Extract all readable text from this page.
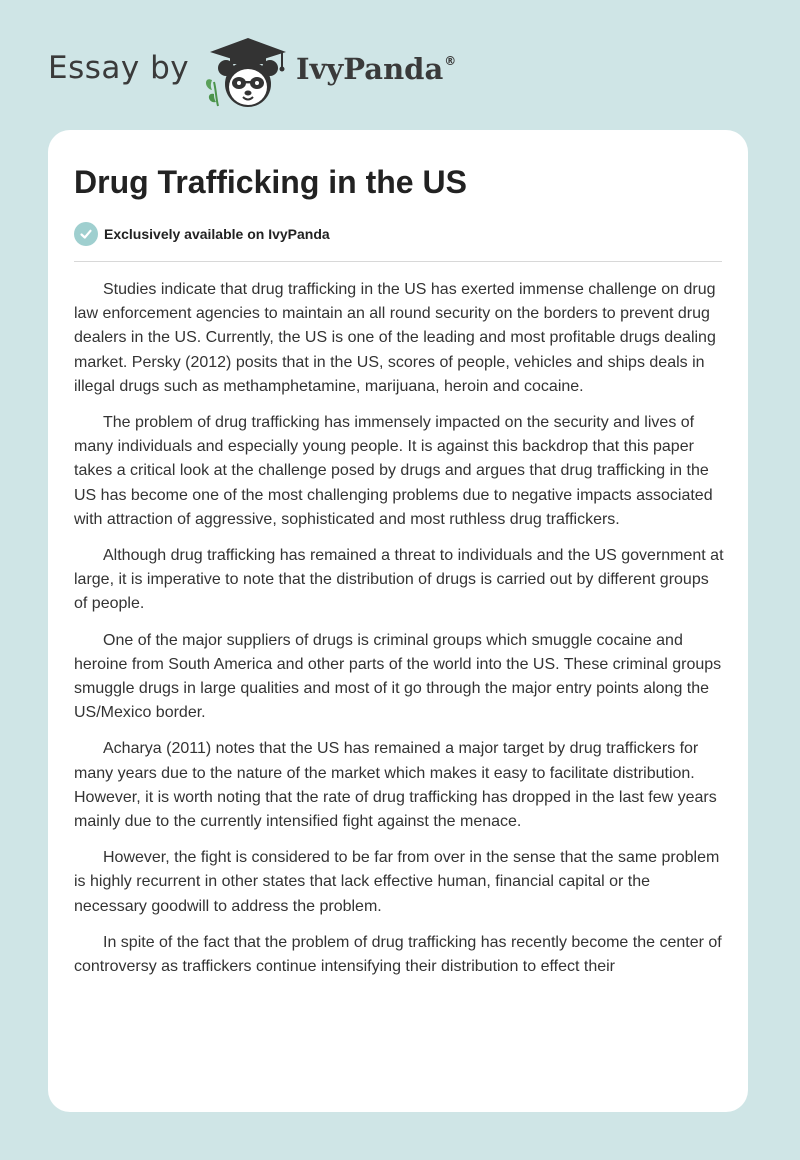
Essay by	IvyPanda®
Drug Trafficking in the US
Exclusively available on IvyPanda

Studies indicate that drug trafficking in the US has exerted immense challenge on drug law enforcement agencies to maintain an all round security on the borders to prevent drug dealers in the US. Currently, the US is one of the leading and most profitable drugs dealing market. Persky (2012) posits that in the US, scores of people, vehicles and ships deals in illegal drugs such as methamphetamine, marijuana, heroin and cocaine.

The problem of drug trafficking has immensely impacted on the security and lives of many individuals and especially young people. It is against this backdrop that this paper takes a critical look at the challenge posed by drugs and argues that drug trafficking in the US has become one of the most challenging problems due to negative impacts associated with attraction of aggressive, sophisticated and most ruthless drug traffickers.

Although drug trafficking has remained a threat to individuals and the US government at large, it is imperative to note that the distribution of drugs is carried out by different groups of people.

One of the major suppliers of drugs is criminal groups which smuggle cocaine and heroine from South America and other parts of the world into the US. These criminal groups smuggle drugs in large qualities and most of it go through the major entry points along the US/Mexico border.

Acharya (2011) notes that the US has remained a major target by drug traffickers for many years due to the nature of the market which makes it easy to facilitate distribution. However, it is worth noting that the rate of drug trafficking has dropped in the last few years mainly due to the currently intensified fight against the menace.

However, the fight is considered to be far from over in the sense that the same problem is highly recurrent in other states that lack effective human, financial capital or the necessary goodwill to address the problem.

In spite of the fact that the problem of drug trafficking has recently become the center of controversy as traffickers continue intensifying their distribution to effect their
